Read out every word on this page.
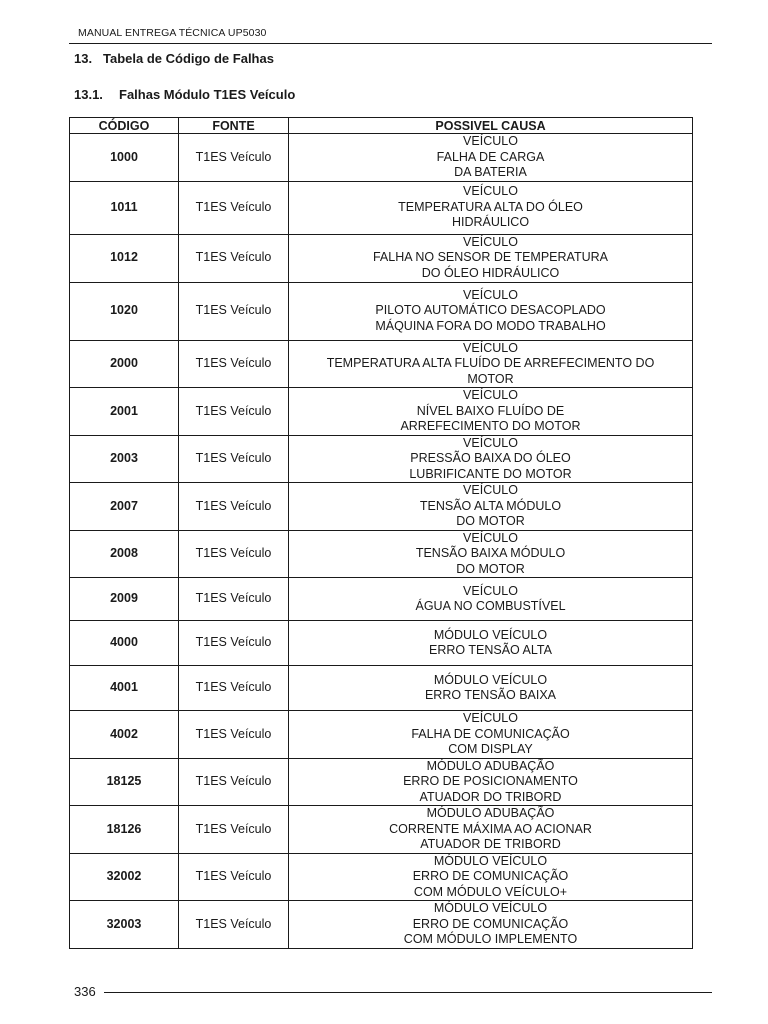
MANUAL ENTREGA TÉCNICA UP5030
13. Tabela de Código de Falhas
13.1. Falhas Módulo T1ES Veículo
CÓDIGO	FONTE	POSSIVEL CAUSA
1000	T1ES Veículo	VEÍCULO
FALHA DE CARGA
DA BATERIA

1011	T1ES Veículo	VEÍCULO
TEMPERATURA ALTA DO ÓLEO
HIDRÁULICO

1012	T1ES Veículo	VEÍCULO
FALHA NO SENSOR DE TEMPERATURA
DO ÓLEO HIDRÁULICO

1020	T1ES Veículo	VEÍCULO
PILOTO AUTOMÁTICO DESACOPLADO
MÁQUINA FORA DO MODO TRABALHO

2000	T1ES Veículo	VEÍCULO
TEMPERATURA ALTA FLUÍDO DE ARREFECIMENTO DO
MOTOR

2001	T1ES Veículo	VEÍCULO
NÍVEL BAIXO FLUÍDO DE
ARREFECIMENTO DO MOTOR

2003	T1ES Veículo	VEÍCULO
PRESSÃO BAIXA DO ÓLEO
LUBRIFICANTE DO MOTOR

2007	T1ES Veículo	VEÍCULO
TENSÃO ALTA MÓDULO
DO MOTOR

2008	T1ES Veículo	VEÍCULO
TENSÃO BAIXA MÓDULO
DO MOTOR

2009	T1ES Veículo	VEÍCULO
ÁGUA NO COMBUSTÍVEL

4000	T1ES Veículo	MÓDULO VEÍCULO
ERRO TENSÃO ALTA

4001	T1ES Veículo	MÓDULO VEÍCULO
ERRO TENSÃO BAIXA

4002	T1ES Veículo	VEÍCULO
FALHA DE COMUNICAÇÃO
COM DISPLAY

18125	T1ES Veículo	MÓDULO ADUBAÇÃO
ERRO DE POSICIONAMENTO
ATUADOR DO TRIBORD

18126	T1ES Veículo	MÓDULO ADUBAÇÃO
CORRENTE MÁXIMA AO ACIONAR
ATUADOR DE TRIBORD

32002	T1ES Veículo	MÓDULO VEÍCULO
ERRO DE COMUNICAÇÃO
COM MÓDULO VEÍCULO+

32003	T1ES Veículo	MÓDULO VEÍCULO
ERRO DE COMUNICAÇÃO
COM MÓDULO IMPLEMENTO
336
